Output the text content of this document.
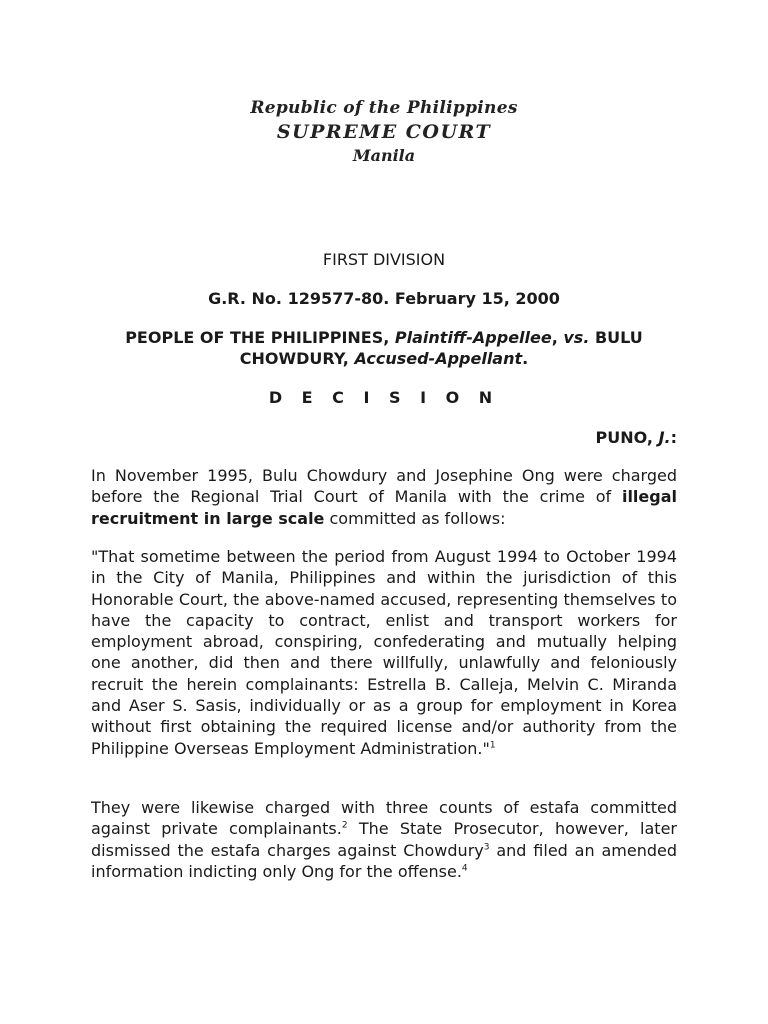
Republic of the Philippines
SUPREME COURT
Manila
FIRST DIVISION
G.R. No. 129577-80. February 15, 2000
PEOPLE OF THE PHILIPPINES, Plaintiff-Appellee, vs. BULU CHOWDURY, Accused-Appellant.
D E C I S I O N
PUNO, J.:

In November 1995, Bulu Chowdury and Josephine Ong were charged before the Regional Trial Court of Manila with the crime of illegal recruitment in large scale committed as follows:

"That sometime between the period from August 1994 to October 1994 in the City of Manila, Philippines and within the jurisdiction of this Honorable Court, the above-named accused, representing themselves to have the capacity to contract, enlist and transport workers for employment abroad, conspiring, confederating and mutually helping one another, did then and there willfully, unlawfully and feloniously recruit the herein complainants: Estrella B. Calleja, Melvin C. Miranda and Aser S. Sasis, individually or as a group for employment in Korea without first obtaining the required license and/or authority from the Philippine Overseas Employment Administration."$^1$

They were likewise charged with three counts of estafa committed against private complainants.$^2$ The State Prosecutor, however, later dismissed the estafa charges against Chowdury$^3$ and filed an amended information indicting only Ong for the offense.$^4$
